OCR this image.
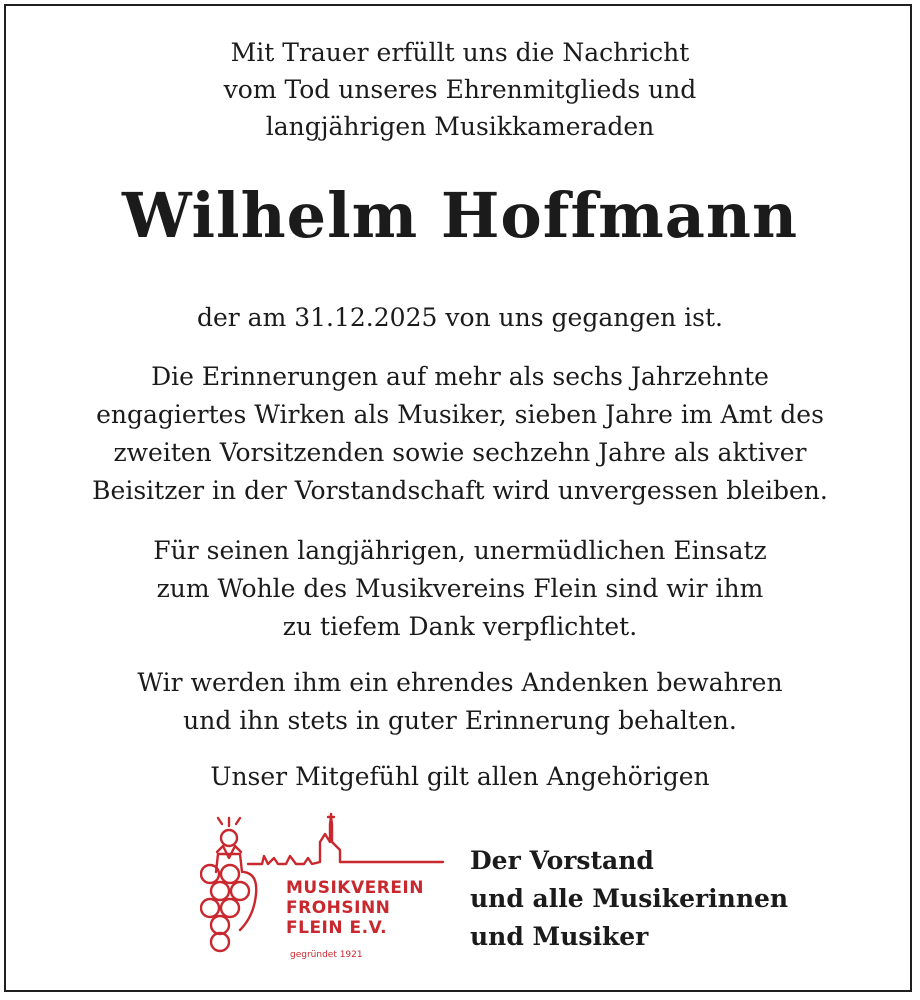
Mit Trauer erfüllt uns die Nachricht
vom Tod unseres Ehrenmitglieds und
langjährigen Musikkameraden
Wilhelm Hoffmann
der am 31.12.2025 von uns gegangen ist.
Die Erinnerungen auf mehr als sechs Jahrzehnte
engagiertes Wirken als Musiker, sieben Jahre im Amt des
zweiten Vorsitzenden sowie sechzehn Jahre als aktiver
Beisitzer in der Vorstandschaft wird unvergessen bleiben.
Für seinen langjährigen, unermüdlichen Einsatz
zum Wohle des Musikvereins Flein sind wir ihm
zu tiefem Dank verpflichtet.
Wir werden ihm ein ehrendes Andenken bewahren
und ihn stets in guter Erinnerung behalten.
Unser Mitgefühl gilt allen Angehörigen
MUSIKVEREIN
FROHSINN
FLEIN E.V.
gegründet 1921
Der Vorstand
und alle Musikerinnen
und Musiker
